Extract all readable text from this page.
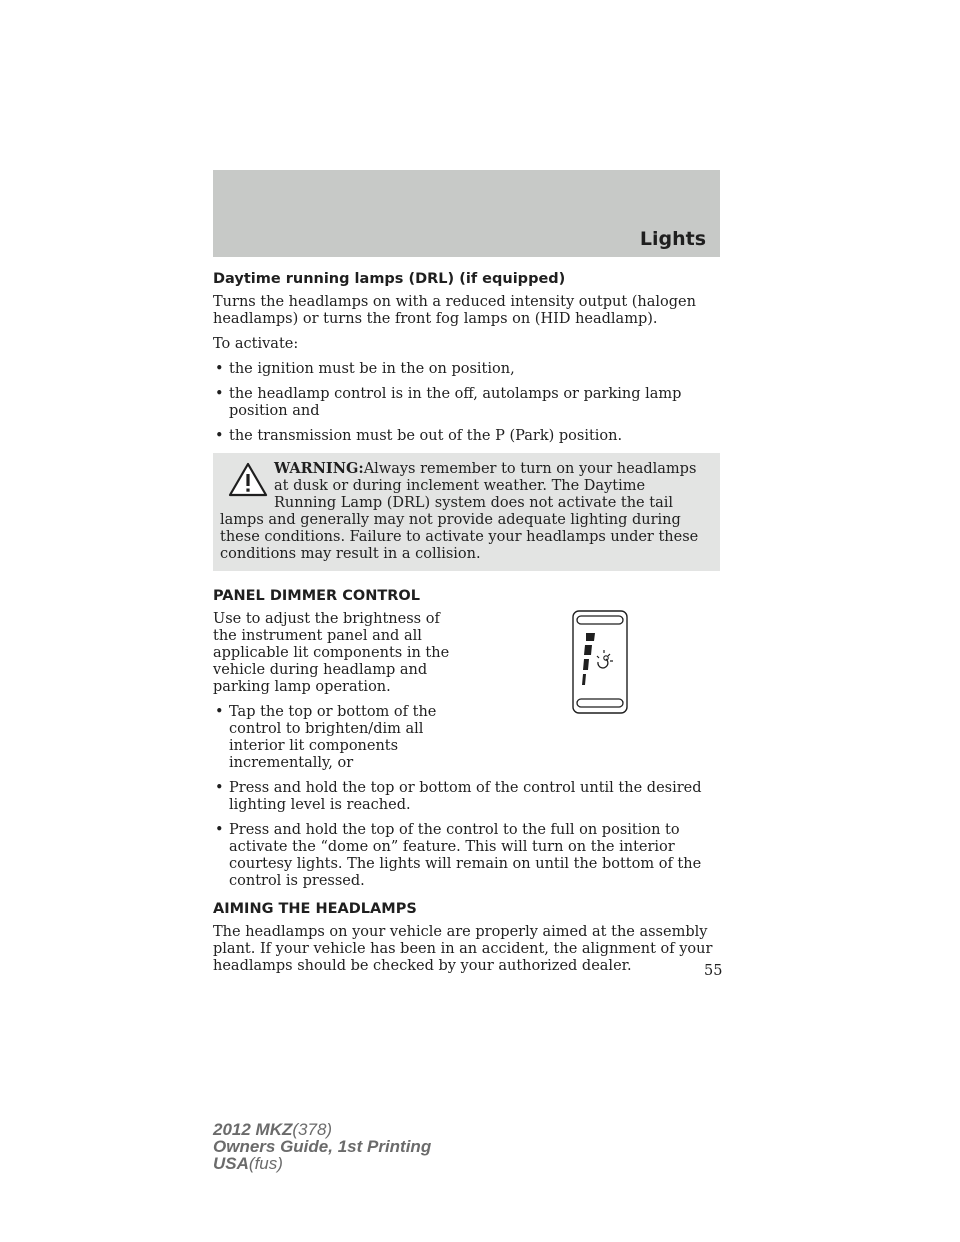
Lights
Daytime running lamps (DRL) (if equipped)

Turns the headlamps on with a reduced intensity output (halogen headlamps) or turns the front fog lamps on (HID headlamp).

To activate:

• the ignition must be in the on position,
• the headlamp control is in the off, autolamps or parking lamp position and
• the transmission must be out of the P (Park) position.
WARNING:Always remember to turn on your headlamps at dusk or during inclement weather. The Daytime Running Lamp (DRL) system does not activate the tail lamps and generally may not provide adequate lighting during these conditions. Failure to activate your headlamps under these conditions may result in a collision.
PANEL DIMMER CONTROL

Use to adjust the brightness of the instrument panel and all applicable lit components in the vehicle during headlamp and parking lamp operation.

• Tap the top or bottom of the control to brighten/dim all interior lit components incrementally, or
• Press and hold the top or bottom of the control until the desired lighting level is reached.
• Press and hold the top of the control to the full on position to activate the “dome on” feature. This will turn on the interior courtesy lights. The lights will remain on until the bottom of the control is pressed.
AIMING THE HEADLAMPS

The headlamps on your vehicle are properly aimed at the assembly plant. If your vehicle has been in an accident, the alignment of your headlamps should be checked by your authorized dealer.	55
2012 MKZ(378)
Owners Guide, 1st Printing
USA(fus)
